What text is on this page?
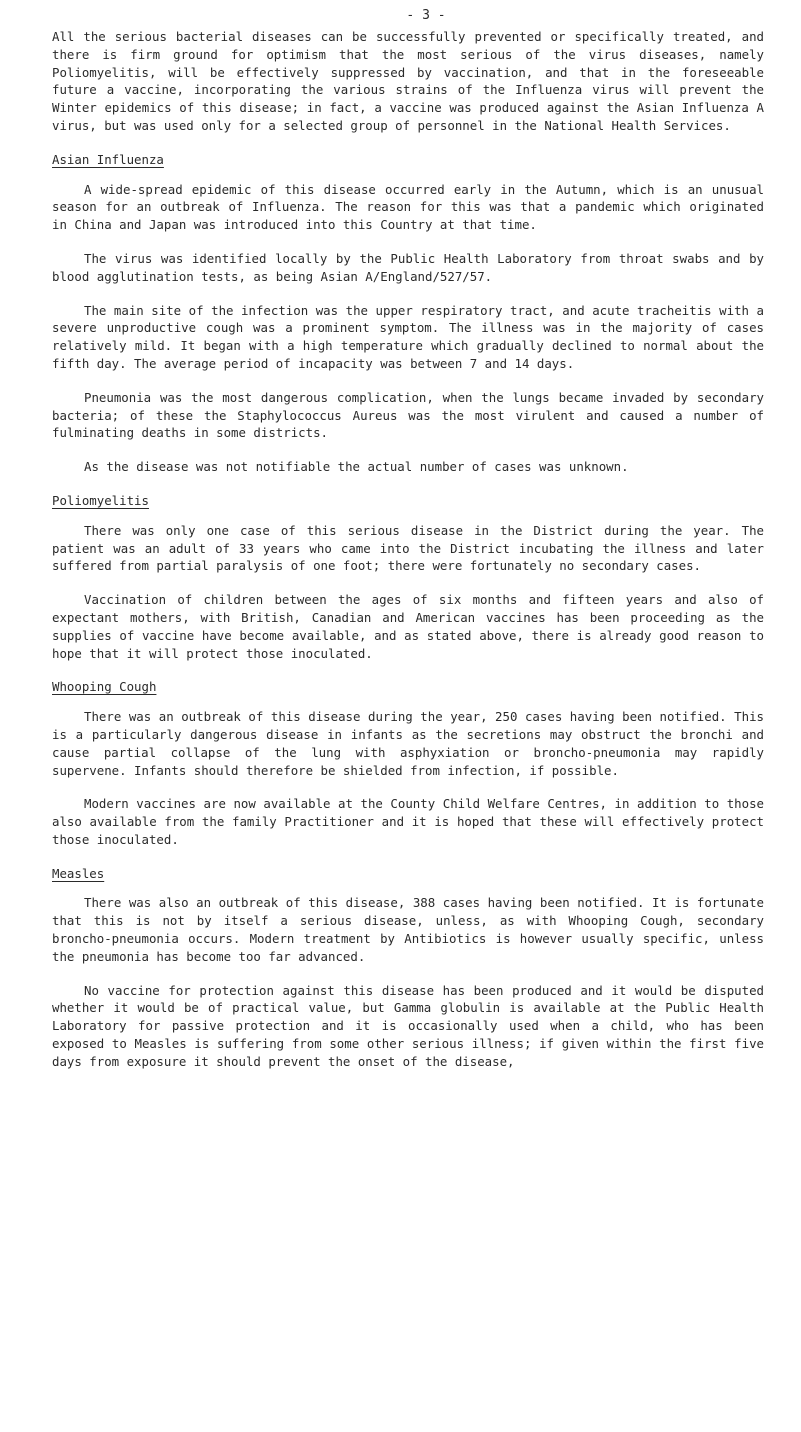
- 3 -

All the serious bacterial diseases can be successfully prevented or specifically treated, and there is firm ground for optimism that the most serious of the virus diseases, namely Poliomyelitis, will be effectively suppressed by vaccination, and that in the foreseeable future a vaccine, incorporating the various strains of the Influenza virus will prevent the Winter epidemics of this disease; in fact, a vaccine was produced against the Asian Influenza A virus, but was used only for a selected group of personnel in the National Health Services.

Asian Influenza

A wide-spread epidemic of this disease occurred early in the Autumn, which is an unusual season for an outbreak of Influenza. The reason for this was that a pandemic which originated in China and Japan was introduced into this Country at that time.

The virus was identified locally by the Public Health Laboratory from throat swabs and by blood agglutination tests, as being Asian A/England/527/57.

The main site of the infection was the upper respiratory tract, and acute tracheitis with a severe unproductive cough was a prominent symptom. The illness was in the majority of cases relatively mild. It began with a high temperature which gradually declined to normal about the fifth day. The average period of incapacity was between 7 and 14 days.

Pneumonia was the most dangerous complication, when the lungs became invaded by secondary bacteria; of these the Staphylococcus Aureus was the most virulent and caused a number of fulminating deaths in some districts.

As the disease was not notifiable the actual number of cases was unknown.

Poliomyelitis

There was only one case of this serious disease in the District during the year. The patient was an adult of 33 years who came into the District incubating the illness and later suffered from partial paralysis of one foot; there were fortunately no secondary cases.

Vaccination of children between the ages of six months and fifteen years and also of expectant mothers, with British, Canadian and American vaccines has been proceeding as the supplies of vaccine have become available, and as stated above, there is already good reason to hope that it will protect those inoculated.

Whooping Cough

There was an outbreak of this disease during the year, 250 cases having been notified. This is a particularly dangerous disease in infants as the secretions may obstruct the bronchi and cause partial collapse of the lung with asphyxiation or broncho-pneumonia may rapidly supervene. Infants should therefore be shielded from infection, if possible.

Modern vaccines are now available at the County Child Welfare Centres, in addition to those also available from the family Practitioner and it is hoped that these will effectively protect those inoculated.

Measles

There was also an outbreak of this disease, 388 cases having been notified. It is fortunate that this is not by itself a serious disease, unless, as with Whooping Cough, secondary broncho-pneumonia occurs. Modern treatment by Antibiotics is however usually specific, unless the pneumonia has become too far advanced.

No vaccine for protection against this disease has been produced and it would be disputed whether it would be of practical value, but Gamma globulin is available at the Public Health Laboratory for passive protection and it is occasionally used when a child, who has been exposed to Measles is suffering from some other serious illness; if given within the first five days from exposure it should prevent the onset of the disease,
